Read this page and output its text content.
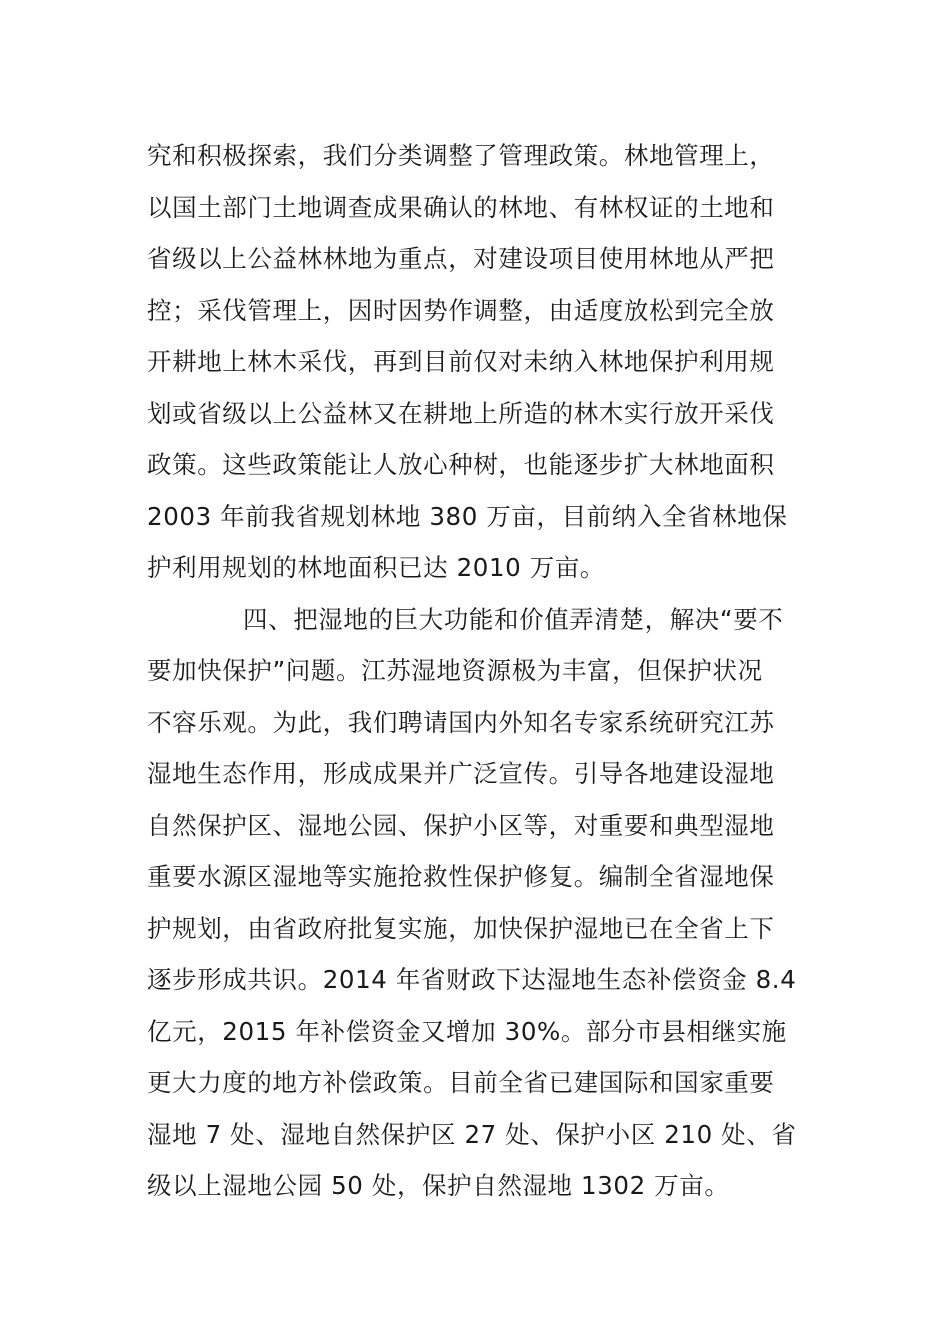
究和积极探索，我们分类调整了管理政策。林地管理上，
以国土部门土地调查成果确认的林地、有林权证的土地和
省级以上公益林林地为重点，对建设项目使用林地从严把
控；采伐管理上，因时因势作调整，由适度放松到完全放
开耕地上林木采伐，再到目前仅对未纳入林地保护利用规
划或省级以上公益林又在耕地上所造的林木实行放开采伐
政策。这些政策能让人放心种树，也能逐步扩大林地面积
2003 年前我省规划林地 380 万亩，目前纳入全省林地保
护利用规划的林地面积已达 2010 万亩。
四、把湿地的巨大功能和价值弄清楚，解决“要不
要加快保护”问题。江苏湿地资源极为丰富，但保护状况
不容乐观。为此，我们聘请国内外知名专家系统研究江苏
湿地生态作用，形成成果并广泛宣传。引导各地建设湿地
自然保护区、湿地公园、保护小区等，对重要和典型湿地
重要水源区湿地等实施抢救性保护修复。编制全省湿地保
护规划，由省政府批复实施，加快保护湿地已在全省上下
逐步形成共识。2014 年省财政下达湿地生态补偿资金 8.4
亿元，2015 年补偿资金又增加 30%。部分市县相继实施
更大力度的地方补偿政策。目前全省已建国际和国家重要
湿地 7 处、湿地自然保护区 27 处、保护小区 210 处、省
级以上湿地公园 50 处，保护自然湿地 1302 万亩。
